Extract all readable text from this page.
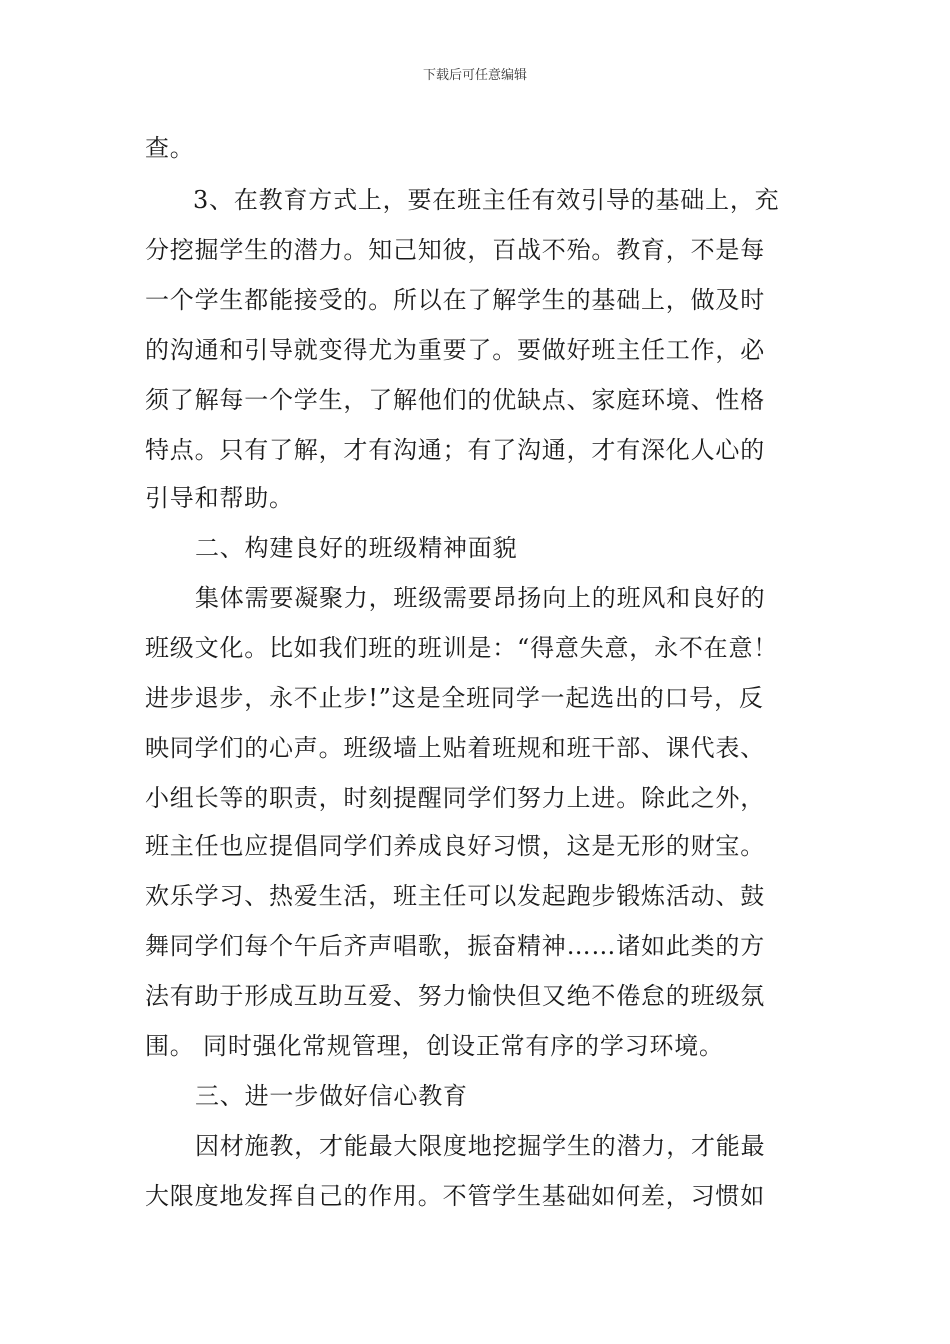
下载后可任意编辑
查。
3、在教育方式上，要在班主任有效引导的基础上，充
分挖掘学生的潜力。知己知彼，百战不殆。教育，不是每
一个学生都能接受的。所以在了解学生的基础上，做及时
的沟通和引导就变得尤为重要了。要做好班主任工作，必
须了解每一个学生，了解他们的优缺点、家庭环境、性格
特点。只有了解，才有沟通；有了沟通，才有深化人心的
引导和帮助。
二、构建良好的班级精神面貌
集体需要凝聚力，班级需要昂扬向上的班风和良好的
班级文化。比如我们班的班训是：“得意失意，永不在意！
进步退步，永不止步!”这是全班同学一起选出的口号，反
映同学们的心声。班级墙上贴着班规和班干部、课代表、
小组长等的职责，时刻提醒同学们努力上进。除此之外，
班主任也应提倡同学们养成良好习惯，这是无形的财宝。
欢乐学习、热爱生活，班主任可以发起跑步锻炼活动、鼓
舞同学们每个午后齐声唱歌，振奋精神……诸如此类的方
法有助于形成互助互爱、努力愉快但又绝不倦怠的班级氛
围。 同时强化常规管理，创设正常有序的学习环境。
三、进一步做好信心教育
因材施教，才能最大限度地挖掘学生的潜力，才能最
大限度地发挥自己的作用。不管学生基础如何差，习惯如
